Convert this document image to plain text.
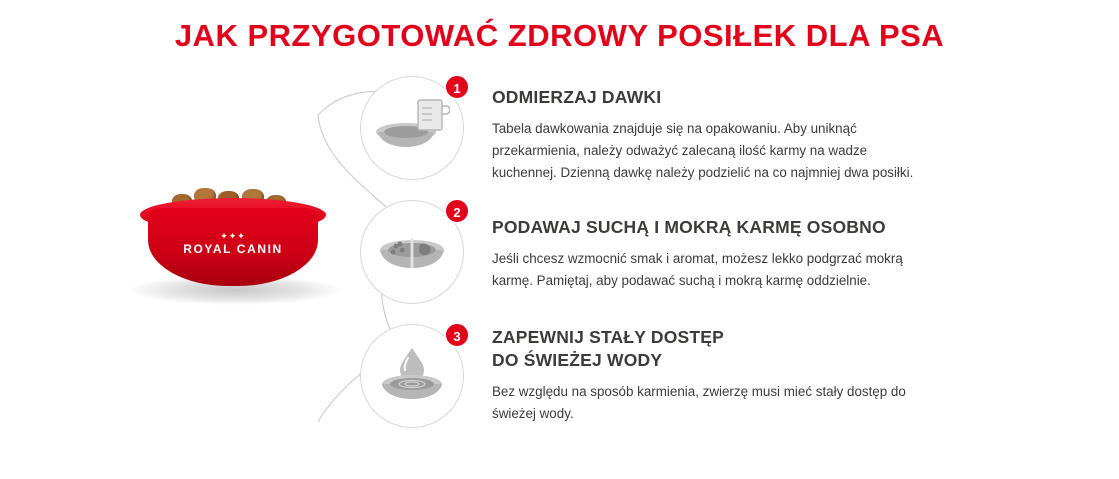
JAK PRZYGOTOWAĆ ZDROWY POSIŁEK DLA PSA
✦✦✦
ROYAL CANIN
1
2
3
ODMIERZAJ DAWKI

Tabela dawkowania znajduje się na opakowaniu. Aby uniknąć przekarmienia, należy odważyć zalecaną ilość karmy na wadze kuchennej. Dzienną dawkę należy podzielić na co najmniej dwa posiłki.

PODAWAJ SUCHĄ I MOKRĄ KARMĘ OSOBNO

Jeśli chcesz wzmocnić smak i aromat, możesz lekko podgrzać mokrą karmę. Pamiętaj, aby podawać suchą i mokrą karmę oddzielnie.

ZAPEWNIJ STAŁY DOSTĘP
DO ŚWIEŻEJ WODY

Bez względu na sposób karmienia, zwierzę musi mieć stały dostęp do świeżej wody.
